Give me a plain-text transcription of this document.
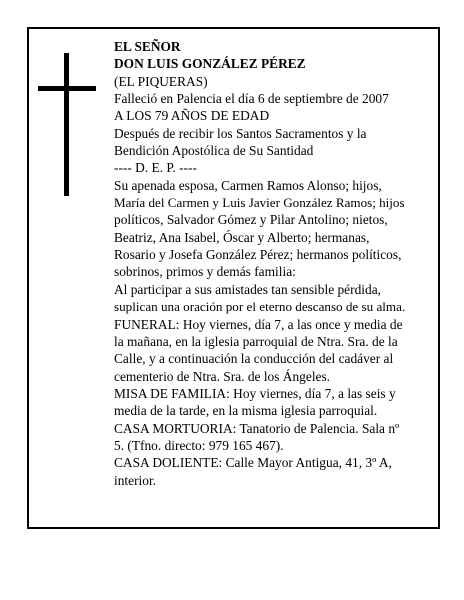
EL SEÑOR

DON LUIS GONZÁLEZ PÉREZ

(EL PIQUERAS)

Falleció en Palencia el día 6 de septiembre de 2007

A LOS 79 AÑOS DE EDAD

Después de recibir los Santos Sacramentos y la

Bendición Apostólica de Su Santidad

---- D. E. P. ----

Su apenada esposa, Carmen Ramos Alonso; hijos,

María del Carmen y Luis Javier González Ramos; hijos

políticos, Salvador Gómez y Pilar Antolino; nietos,

Beatriz, Ana Isabel, Óscar y Alberto; hermanas,

Rosario y Josefa González Pérez; hermanos políticos,

sobrinos, primos y demás familia:

Al participar a sus amistades tan sensible pérdida,

suplican una oración por el eterno descanso de su alma.

FUNERAL: Hoy viernes, día 7, a las once y media de

la mañana, en la iglesia parroquial de Ntra. Sra. de la

Calle, y a continuación la conducción del cadáver al

cementerio de Ntra. Sra. de los Ángeles.

MISA DE FAMILIA: Hoy viernes, día 7, a las seis y

media de la tarde, en la misma iglesia parroquial.

CASA MORTUORIA: Tanatorio de Palencia. Sala nº

5. (Tfno. directo: 979 165 467).

CASA DOLIENTE: Calle Mayor Antigua, 41, 3º A,

interior.
